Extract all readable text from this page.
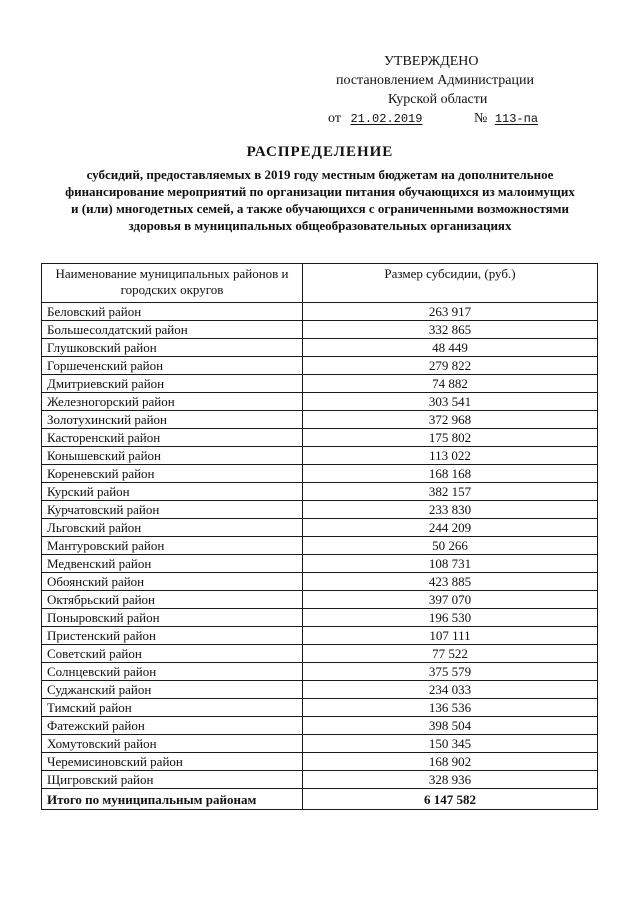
УТВЕРЖДЕНО
постановлением Администрации
Курской области
от 21.02.2019	№ 113-па
РАСПРЕДЕЛЕНИЕ
субсидий, предоставляемых в 2019 году местным бюджетам на дополнительное финансирование мероприятий по организации питания обучающихся из малоимущих и (или) многодетных семей, а также обучающихся с ограниченными возможностями здоровья в муниципальных общеобразовательных организациях
Наименование муниципальных районов и городских округов	Размер субсидии, (руб.)
Беловский район	263 917
Большесолдатский район	332 865
Глушковский район	48 449
Горшеченский район	279 822
Дмитриевский район	74 882
Железногорский район	303 541
Золотухинский район	372 968
Касторенский район	175 802
Конышевский район	113 022
Кореневский район	168 168
Курский район	382 157
Курчатовский район	233 830
Льговский район	244 209
Мантуровский район	50 266
Медвенский район	108 731
Обоянский район	423 885
Октябрьский район	397 070
Поныровский район	196 530
Пристенский район	107 111
Советский район	77 522
Солнцевский район	375 579
Суджанский район	234 033
Тимский район	136 536
Фатежский район	398 504
Хомутовский район	150 345
Черемисиновский район	168 902
Щигровский район	328 936
Итого по муниципальным районам	6 147 582
